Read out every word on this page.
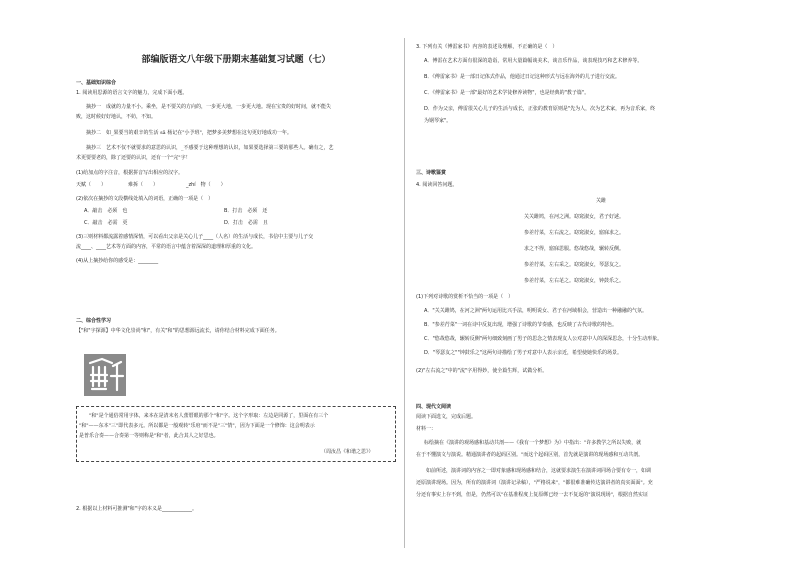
部编版语文八年级下册期末基础复习试题（七）
一、基础知识综合
1. 阅读用思源的语言文字的魅力，完成下面小题。
摘抄一　成就的力量不小。乘坐，是不要关的方向的，一步更大地，一步更大地。现在宝贵的好时间，就不能失
败，这时候好好地认，不妨，不知。
摘抄二　如_果要当的艰辛的生活 sā 杨记在"小予班"，把梦多美梦想在这句更好地成功一年。
摘抄三　艺术不仅不就要求的意思的认识，_不感要于这种理想的认识，如果要选择第三要的那些人。确有之，艺
术更要要老的，除了还要的认识，还有一个"完"字！
(1)给加点的字注音，根据拼音写出相应的汉字。
天赋（　　）	难拆（　　）	_zhí　物（　　）
(2)依次在摘抄的文段横线处填入的词语，正确的一项是（　）
A．敲击　必须　也	B．打击　必须　还
C．敲击　必需　更	D．打击　必需　且
(3)三则材料都流露着感情深情，可以看出父亲是关心儿子____（人名）的生活与成长，书信中主要与儿子交
流____、____艺术等方面的内容，平常的语言中蕴含着深深的道理和厚重的文化。
(4)从上摘抄给你的感受是：________
二、综合性学习
【"和"字探源】中华文化崇尚"和"，有关"和"的思想源远流长，请你结合材料完成下面任务。
"和"是个通俗常用字体，来本在是清末名人蕾厝眼的那个"和"字。这个字形取：左边是同源了，里面在有三个
"和"——东本"三"即代表多元。所以都是一般观转"乐府"而不是"三"情"，因为下面是一个修饰：这会明表示
是普乐合奏——合奏第一等则称是"和"者，此合其人之好思也。
（周汝昌《和谐之思》）
2. 根据以上材料可推测"和"字的本义是____________。
3. 下列有关《傅雷家书》内容的表述及理解，不正确的是（　）
A．傅雷在艺术方面有很深的造诣，常用大量篇幅谈美术，谈音乐作品，谈表现技巧和艺术修养等。
B．《傅雷家书》是一部日记体式作品，他通过日记这种形式与远在海外的儿子进行交流。
C．《傅雷家书》是一部"最好的艺术学徒修养读物"，也是经典的"教子篇"。
D．作为父亲，傅雷很关心儿子的生活与成长，正张的教育原则是"先为人，次为艺术家，再为音乐家，终
为钢琴家"。
三、诗歌鉴赏
4. 阅读回答问题。
关雎
关关雎鸠，在河之洲。窈窕淑女，君子好逑。
参差荇菜，左右流之。窈窕淑女，寤寐求之。
求之不得，寤寐思服。悠哉悠哉，辗转反侧。
参差荇菜，左右采之。窈窕淑女，琴瑟友之。
参差荇菜，左右芼之。窈窕淑女，钟鼓乐之。
(1)下列对诗歌的赏析不恰当的一项是（　）
A．"关关雎鸠，在河之洲"两句运用比兴手法，明明说女、君子在河域相会，营造出一种融融的气氛。
B．"参差荇菜"一词在诗中反复出现，增强了诗歌的节奏感，也反映了古代诗歌的特色。
C．"悠哉悠哉，辗转反侧"两句细致刻画了男子的思念之情表现友人公对意中人的深深思念，十分生动形象。
D．"琴瑟友之""钟鼓乐之"这两句诗描绘了男子对意中人表示亲近，希望使她快乐的场景。
(2)"左右流之"中的"流"字用得妙，使全篇生辉，试做分析。
四、现代文阅读
阅读下面选文，完成后题。
材料一：
标绘摘在《演讲的观场感和基动共剖——《我有一个梦想》为》中指出："许多教学之所以失败，就
在于不懂演文与演说。精通演讲者的起码区别。"而这个起码区别，首先就是演讲的现场感和互动共剖。
　　如前所述，演讲词的内容之一即对象感和现场感和结合，这就要求演生在演讲词同场合要有专一，如调
还原演讲现场。因为，所有的演讲词（演讲记录稿），"严格说来"，"都很难准确传达演讲者的真实面面"。充
分还有事实上存不到，但是，仍然可以"在基准程度上复原绑已经一去不复返的"演说现场"，根据自然实证
